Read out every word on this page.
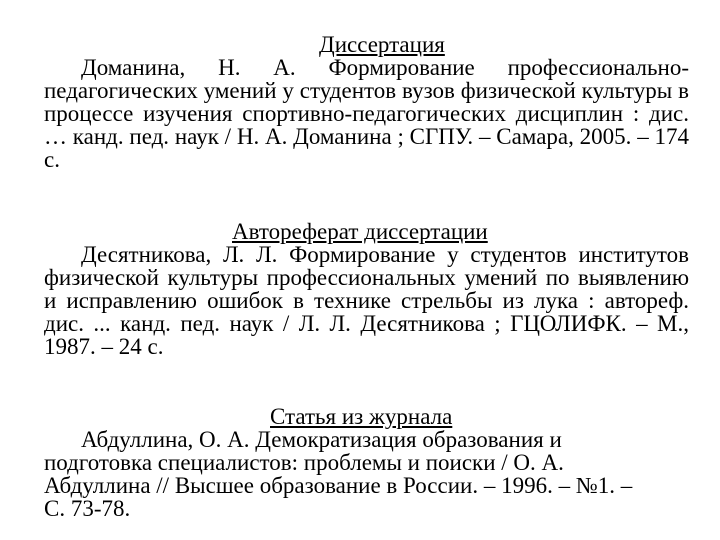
Диссертация

Доманина, Н. А. Формирование профессионально-педагогических умений у студентов вузов физической культуры в процессе изучения спортивно-педагогических дисциплин : дис. … канд. пед. наук / Н. А. Доманина ; СГПУ. – Самара, 2005. – 174 с.

Автореферат диссертации

Десятникова, Л. Л. Формирование у студентов институтов физической культуры профессиональных умений по выявлению и исправлению ошибок в технике стрельбы из лука : автореф. дис. ... канд. пед. наук / Л. Л. Десятникова ; ГЦОЛИФК. – М., 1987. – 24 с.

Статья из журнала

Абдуллина, О. А. Демократизация образования и подготовка специалистов: проблемы и поиски / О. А. Абдуллина // Высшее образование в России. – 1996. – №1. – С. 73-78.
